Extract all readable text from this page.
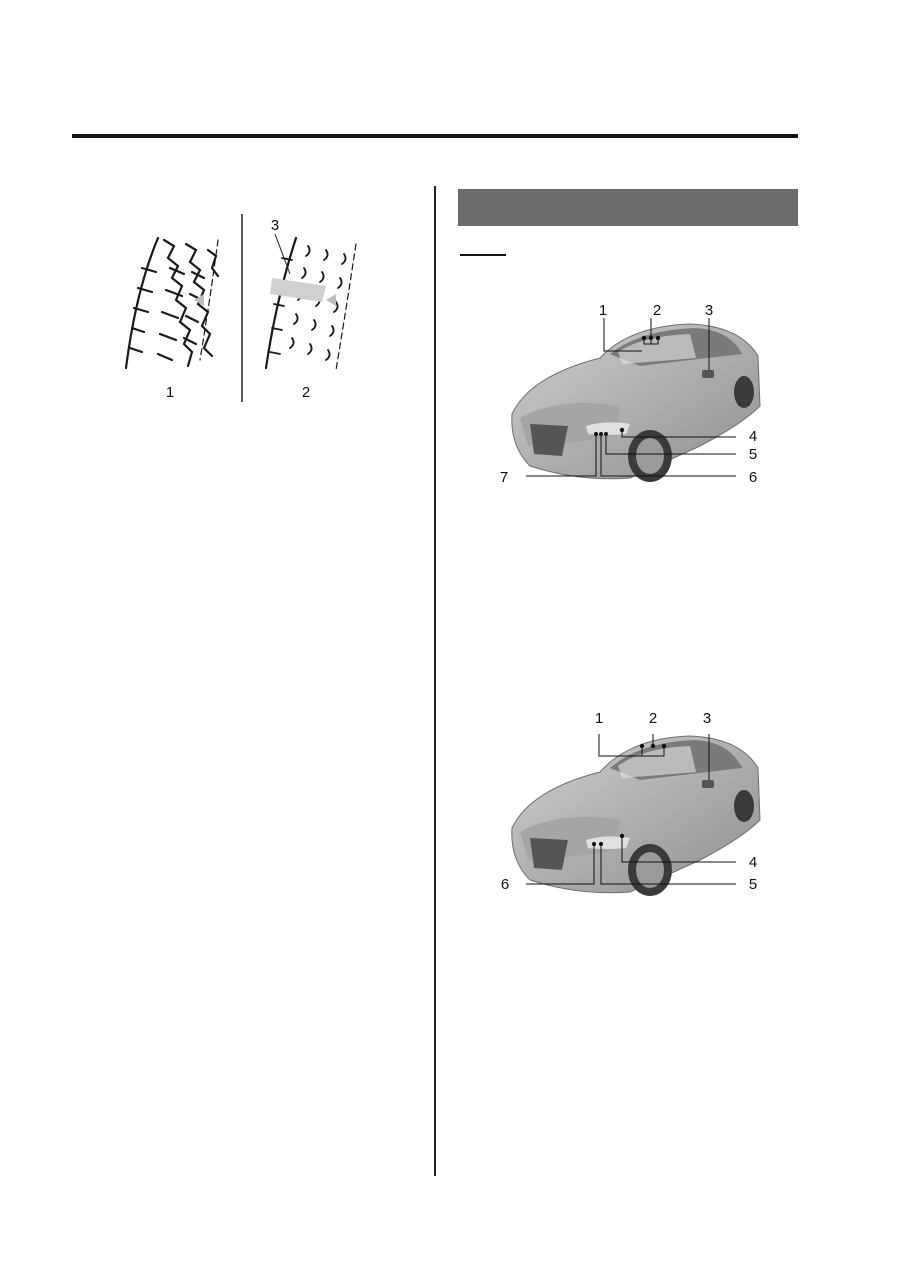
1	2
3
1	2	3
4
5
6
7
1	2	3
4
5
6
